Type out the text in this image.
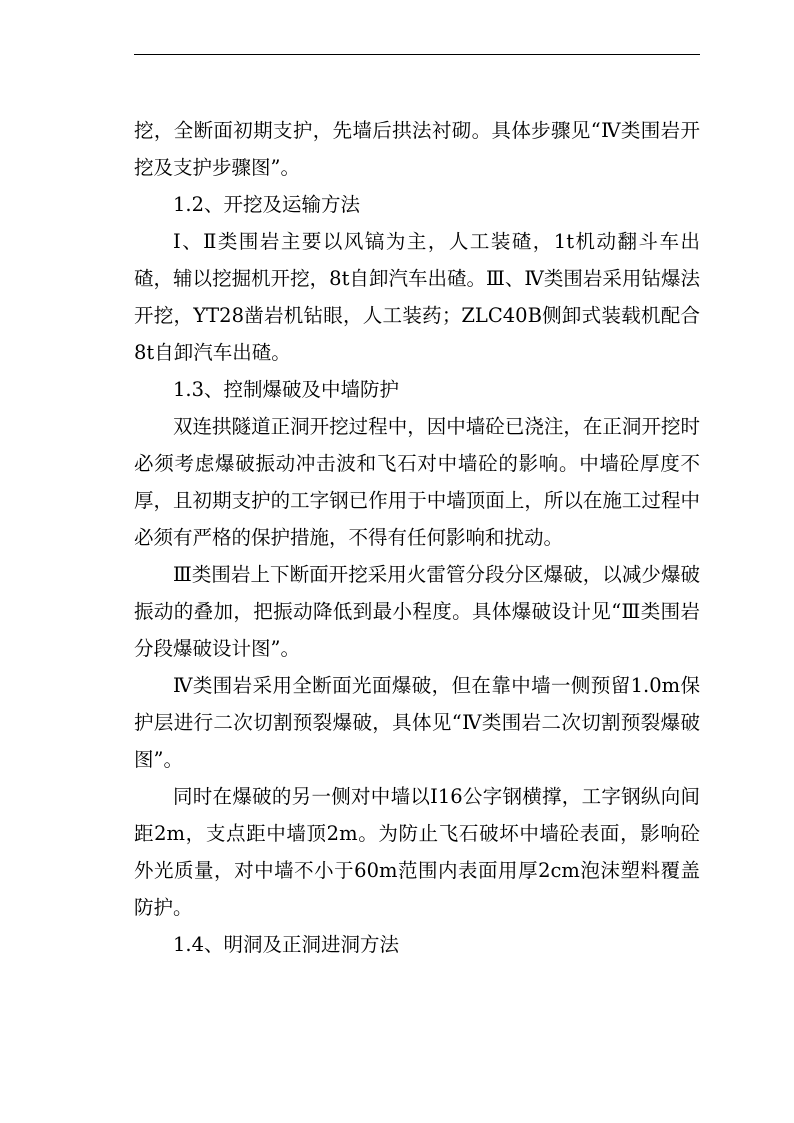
挖，全断面初期支护，先墙后拱法衬砌。具体步骤见“Ⅳ类围岩开挖及支护步骤图”。

1.2、开挖及运输方法

Ⅰ、Ⅱ类围岩主要以风镐为主，人工装碴，1t机动翻斗车出碴，辅以挖掘机开挖，8t自卸汽车出碴。Ⅲ、Ⅳ类围岩采用钻爆法开挖，YT28凿岩机钻眼，人工装药；ZLC40B侧卸式装载机配合8t自卸汽车出碴。

1.3、控制爆破及中墙防护

双连拱隧道正洞开挖过程中，因中墙砼已浇注，在正洞开挖时必须考虑爆破振动冲击波和飞石对中墙砼的影响。中墙砼厚度不厚，且初期支护的工字钢已作用于中墙顶面上，所以在施工过程中必须有严格的保护措施，不得有任何影响和扰动。

Ⅲ类围岩上下断面开挖采用火雷管分段分区爆破，以减少爆破振动的叠加，把振动降低到最小程度。具体爆破设计见“Ⅲ类围岩分段爆破设计图”。

Ⅳ类围岩采用全断面光面爆破，但在靠中墙一侧预留1.0m保护层进行二次切割预裂爆破，具体见“Ⅳ类围岩二次切割预裂爆破图”。

同时在爆破的另一侧对中墙以I16公字钢横撑，工字钢纵向间距2m，支点距中墙顶2m。为防止飞石破坏中墙砼表面，影响砼外光质量，对中墙不小于60m范围内表面用厚2cm泡沫塑料覆盖防护。

1.4、明洞及正洞进洞方法
